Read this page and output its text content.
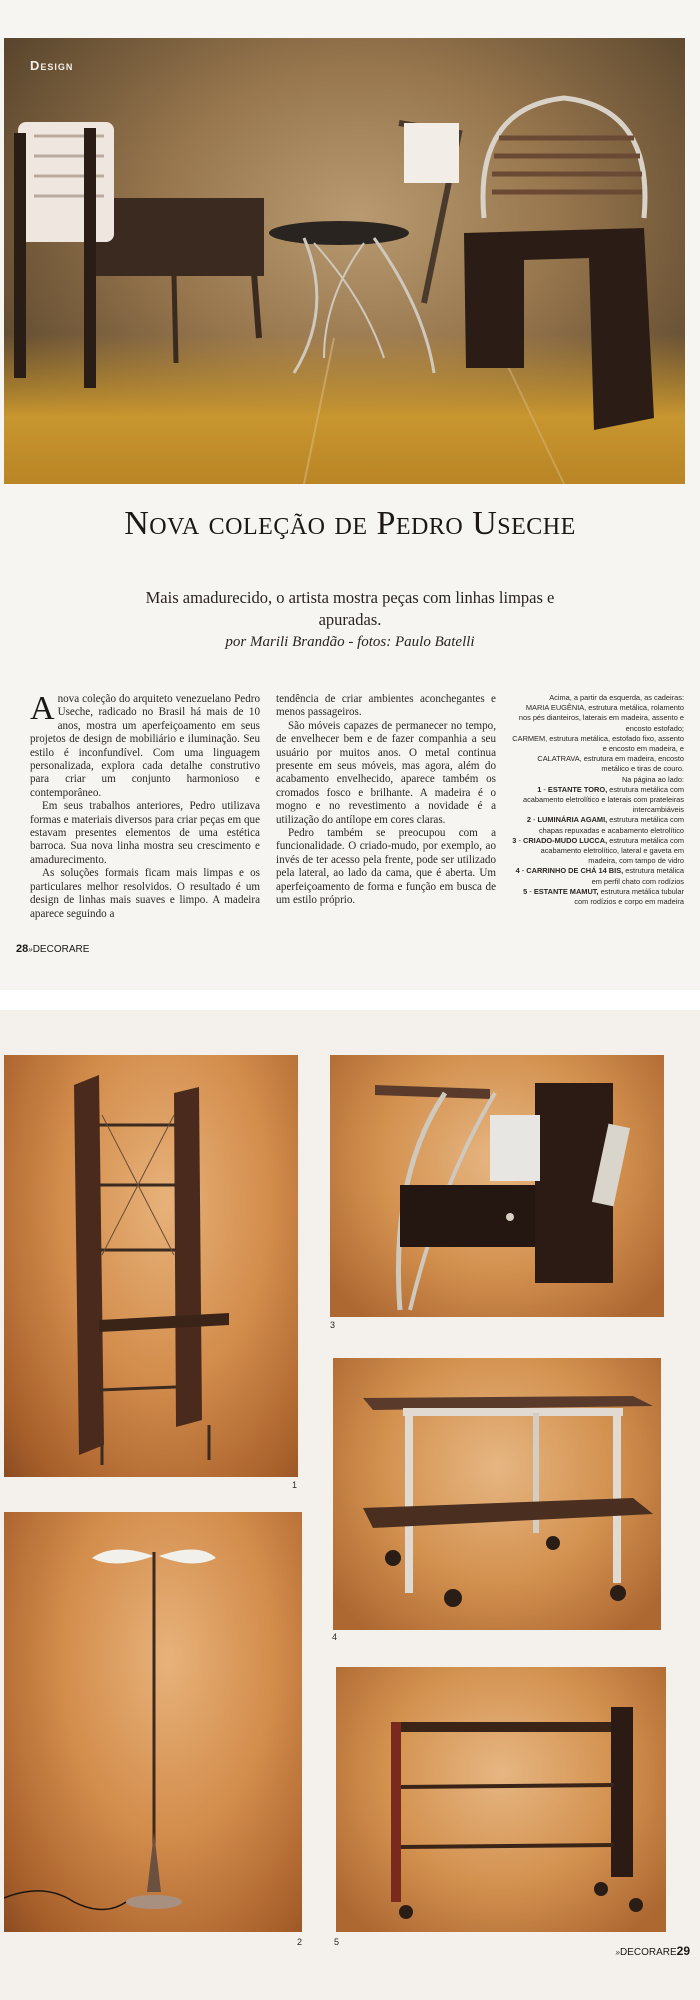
Design
Nova coleção de Pedro Useche
Mais amadurecido, o artista mostra peças com linhas limpas e apuradas.
por Marili Brandão - fotos: Paulo Batelli

Anova coleção do arquiteto venezuelano Pedro Useche, radicado no Brasil há mais de 10 anos, mostra um aperfeiçoamento em seus projetos de design de mobiliário e iluminação. Seu estilo é inconfundível. Com uma linguagem personalizada, explora cada detalhe construtivo para criar um conjunto harmonioso e contemporâneo.

Em seus trabalhos anteriores, Pedro utilizava formas e materiais diversos para criar peças em que estavam presentes elementos de uma estética barroca. Sua nova linha mostra seu crescimento e amadurecimento.

As soluções formais ficam mais limpas e os particulares melhor resolvidos. O resultado é um design de linhas mais suaves e limpo. A madeira aparece seguindo a

tendência de criar ambientes aconchegantes e menos passageiros.

São móveis capazes de permanecer no tempo, de envelhecer bem e de fazer companhia a seu usuário por muitos anos. O metal continua presente em seus móveis, mas agora, além do acabamento envelhecido, aparece também os cromados fosco e brilhante. A madeira é o mogno e no revestimento a novidade é a utilização do antílope em cores claras.

Pedro também se preocupou com a funcionalidade. O criado-mudo, por exemplo, ao invés de ter acesso pela frente, pode ser utilizado pela lateral, ao lado da cama, que é aberta. Um aperfeiçoamento de forma e função em busca de um estilo próprio.

Acima, a partir da esquerda, as cadeiras:
MARIA EUGÊNIA, estrutura metálica, rolamento nos pés dianteiros, laterais em madeira, assento e encosto estofado;
CARMEM, estrutura metálica, estofado fixo, assento e encosto em madeira, e
CALATRAVA, estrutura em madeira, encosto metálico e tiras de couro.
Na página ao lado:
1 - ESTANTE TORO, estrutura metálica com acabamento eletrolítico e laterais com prateleiras intercambiáveis
2 - LUMINÁRIA AGAMI, estrutura metálica com chapas repuxadas e acabamento eletrolítico
3 - CRIADO-MUDO LUCCA, estrutura metálica com acabamento eletrolítico, lateral e gaveta em madeira, com tampo de vidro
4 - CARRINHO DE CHÁ 14 BIS, estrutura metálica em perfil chato com rodízios
5 - ESTANTE MAMUT, estrutura metálica tubular com rodízios e corpo em madeira
28»DECORARE
1
2
3
4
5
»DECORARE29
